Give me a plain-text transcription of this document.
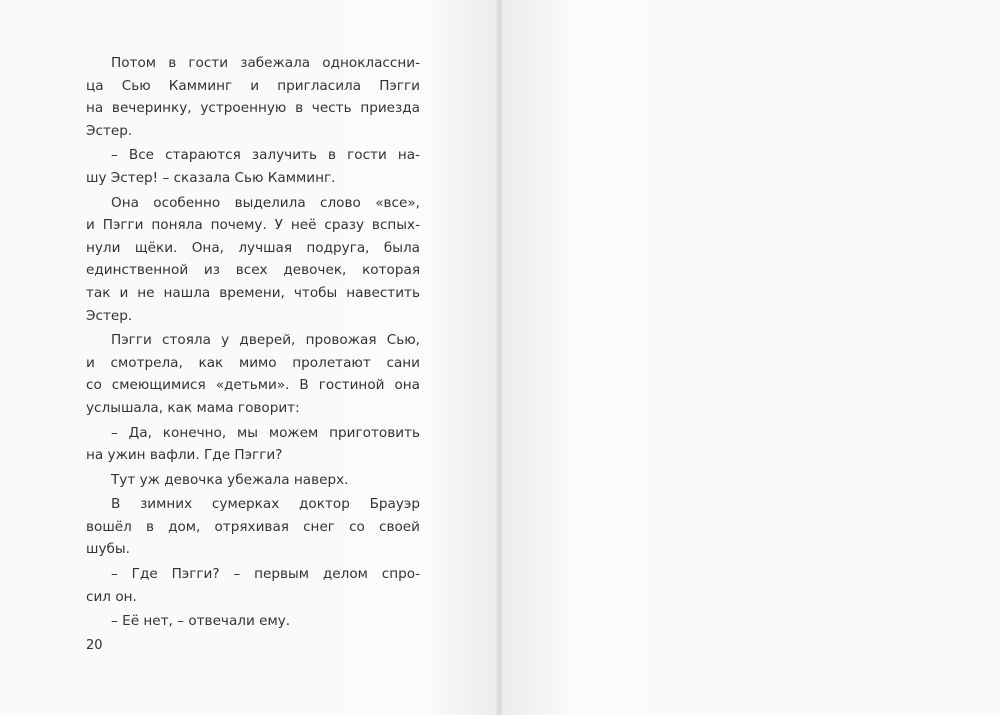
Потом в гости забежала одноклассни-
ца Сью Камминг и пригласила Пэгги
на вечеринку, устроенную в честь приезда
Эстер.

– Все стараются залучить в гости на-
шу Эстер! – сказала Сью Камминг.

Она особенно выделила слово «все»,
и Пэгги поняла почему. У неё сразу вспых-
нули щёки. Она, лучшая подруга, была
единственной из всех девочек, которая
так и не нашла времени, чтобы навестить
Эстер.

Пэгги стояла у дверей, провожая Сью,
и смотрела, как мимо пролетают сани
со смеющимися «детьми». В гостиной она
услышала, как мама говорит:

– Да, конечно, мы можем приготовить
на ужин вафли. Где Пэгги?

Тут уж девочка убежала наверх.

В зимних сумерках доктор Брауэр
вошёл в дом, отряхивая снег со своей
шубы.

– Где Пэгги? – первым делом спро-
сил он.

– Её нет, – отвечали ему.

20
